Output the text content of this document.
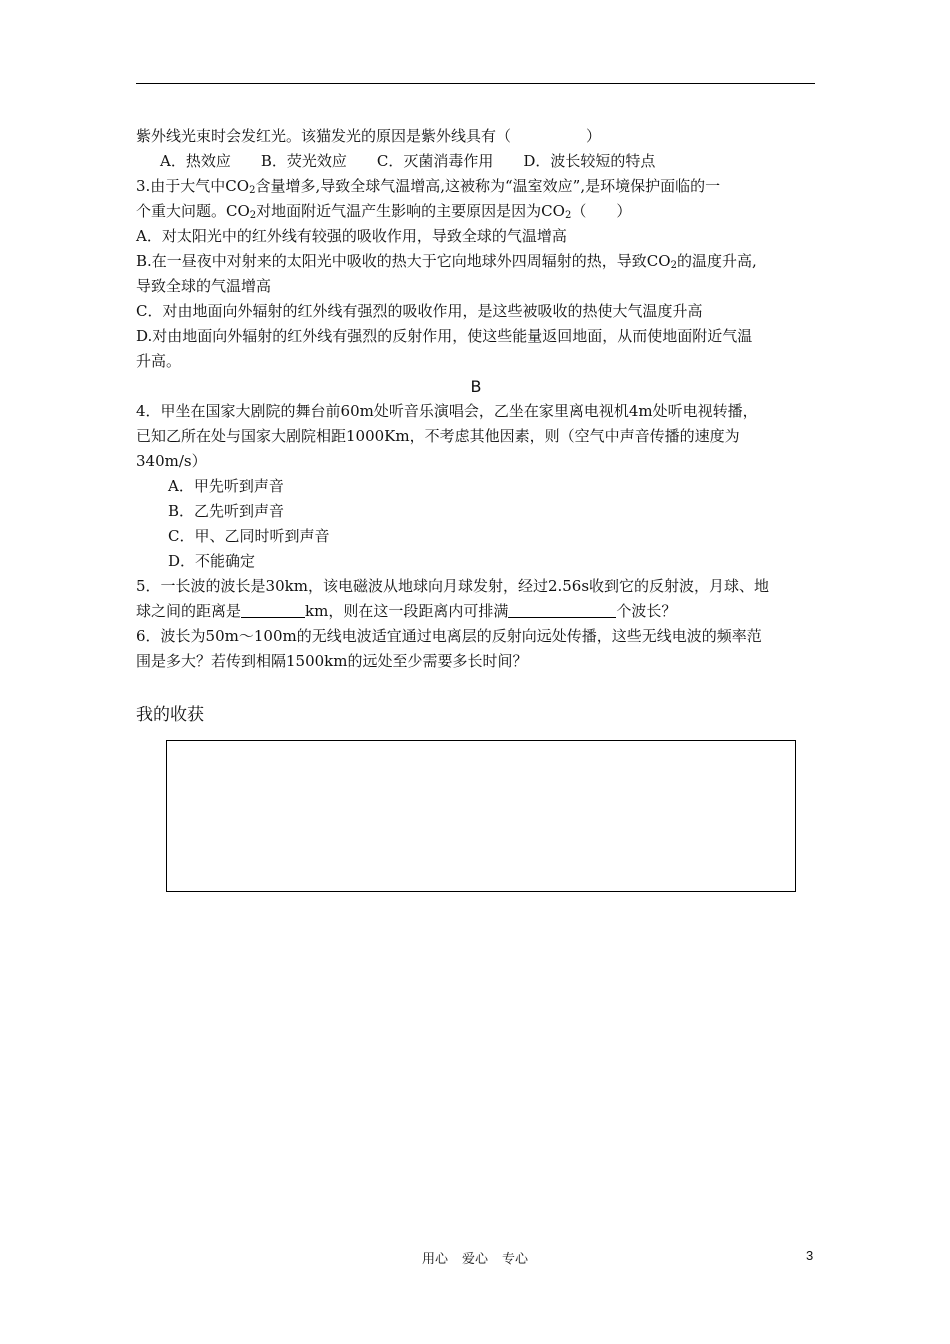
紫外线光束时会发红光。该猫发光的原因是紫外线具有（　　　　　）
A．热效应　　B．荧光效应　　C．灭菌消毒作用　　D．波长较短的特点
3.由于大气中$CO_2$含量增多,导致全球气温增高,这被称为“温室效应”,是环境保护面临的一
个重大问题。$CO_2$对地面附近气温产生影响的主要原因是因为$CO_2$（　　）
A．对太阳光中的红外线有较强的吸收作用，导致全球的气温增高
B.在一昼夜中对射来的太阳光中吸收的热大于它向地球外四周辐射的热，导致$CO_2$的温度升高,
导致全球的气温增高
C．对由地面向外辐射的红外线有强烈的吸收作用，是这些被吸收的热使大气温度升高
D.对由地面向外辐射的红外线有强烈的反射作用，使这些能量返回地面，从而使地面附近气温
升高。
B
4．甲坐在国家大剧院的舞台前60m处听音乐演唱会，乙坐在家里离电视机4m处听电视转播，
已知乙所在处与国家大剧院相距1000Km，不考虑其他因素，则（空气中声音传播的速度为
340m/s）
A．甲先听到声音
B．乙先听到声音
C．甲、乙同时听到声音
D．不能确定
5．一长波的波长是30km，该电磁波从地球向月球发射，经过2.56s收到它的反射波，月球、地
球之间的距离是	km，则在这一段距离内可排满	个波长？
6．波长为50m～100m的无线电波适宜通过电离层的反射向远处传播，这些无线电波的频率范
围是多大？若传到相隔1500km的远处至少需要多长时间？
我的收获
用心 爱心 专心	3
